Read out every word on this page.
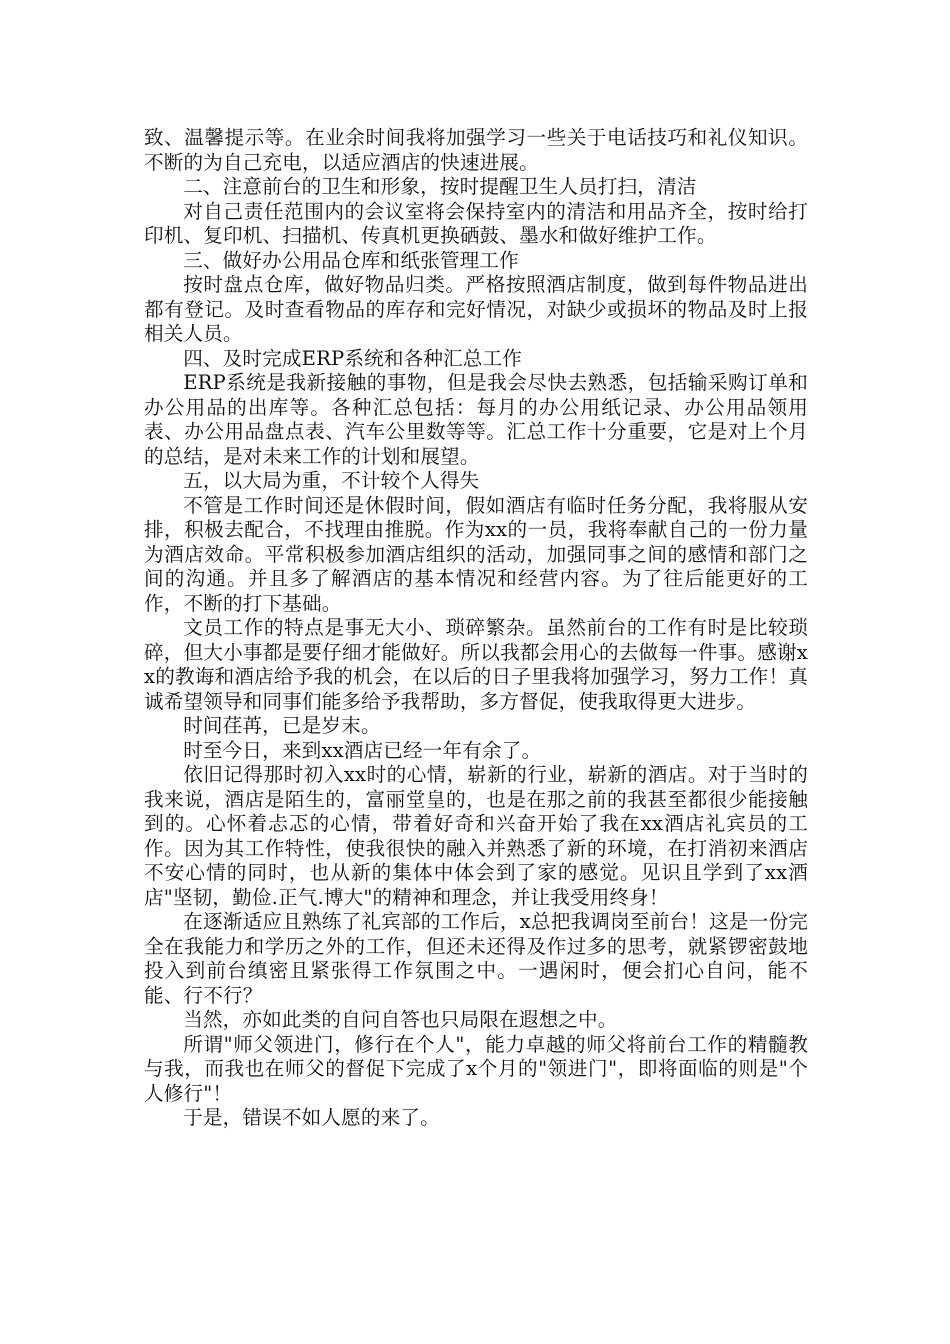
致、温馨提示等。在业余时间我将加强学习一些关于电话技巧和礼仪知识。不断的为自己充电，以适应酒店的快速进展。

二、注意前台的卫生和形象，按时提醒卫生人员打扫，清洁

对自己责任范围内的会议室将会保持室内的清洁和用品齐全，按时给打印机、复印机、扫描机、传真机更换硒鼓、墨水和做好维护工作。

三、做好办公用品仓库和纸张管理工作

按时盘点仓库，做好物品归类。严格按照酒店制度，做到每件物品进出都有登记。及时查看物品的库存和完好情况，对缺少或损坏的物品及时上报相关人员。

四、及时完成ERP系统和各种汇总工作

ERP系统是我新接触的事物，但是我会尽快去熟悉，包括输采购订单和办公用品的出库等。各种汇总包括：每月的办公用纸记录、办公用品领用表、办公用品盘点表、汽车公里数等等。汇总工作十分重要，它是对上个月的总结，是对未来工作的计划和展望。

五，以大局为重，不计较个人得失

不管是工作时间还是休假时间，假如酒店有临时任务分配，我将服从安排，积极去配合，不找理由推脱。作为xx的一员，我将奉献自己的一份力量为酒店效命。平常积极参加酒店组织的活动，加强同事之间的感情和部门之间的沟通。并且多了解酒店的基本情况和经营内容。为了往后能更好的工作，不断的打下基础。

文员工作的特点是事无大小、琐碎繁杂。虽然前台的工作有时是比较琐碎，但大小事都是要仔细才能做好。所以我都会用心的去做每一件事。感谢xx的教诲和酒店给予我的机会，在以后的日子里我将加强学习，努力工作！真诚希望领导和同事们能多给予我帮助，多方督促，使我取得更大进步。

时间荏苒，已是岁末。

时至今日，来到xx酒店已经一年有余了。

依旧记得那时初入xx时的心情，崭新的行业，崭新的酒店。对于当时的我来说，酒店是陌生的，富丽堂皇的，也是在那之前的我甚至都很少能接触到的。心怀着忐忑的心情，带着好奇和兴奋开始了我在xx酒店礼宾员的工作。因为其工作特性，使我很快的融入并熟悉了新的环境，在打消初来酒店不安心情的同时，也从新的集体中体会到了家的感觉。见识且学到了xx酒店"坚韧，勤俭.正气.博大"的精神和理念，并让我受用终身！

在逐渐适应且熟练了礼宾部的工作后，x总把我调岗至前台！这是一份完全在我能力和学历之外的工作，但还未还得及作过多的思考，就紧锣密鼓地投入到前台缜密且紧张得工作氛围之中。一遇闲时，便会扪心自问，能不能、行不行？

当然，亦如此类的自问自答也只局限在遐想之中。

所谓"师父领进门，修行在个人"，能力卓越的师父将前台工作的精髓教与我，而我也在师父的督促下完成了x个月的"领进门"，即将面临的则是"个人修行"！

于是，错误不如人愿的来了。
